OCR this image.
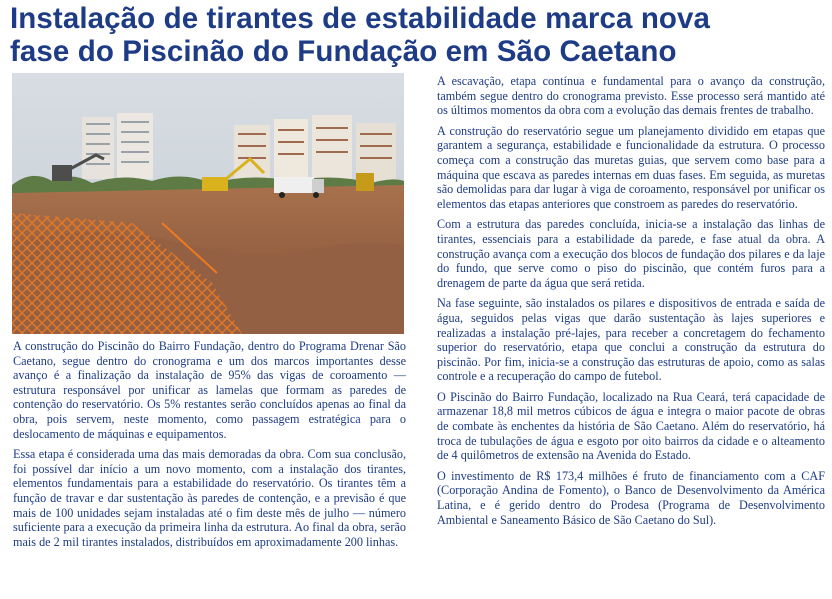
Instalação de tirantes de estabilidade marca nova
fase do Piscinão do Fundação em São Caetano

A construção do Piscinão do Bairro Fundação, dentro do Programa Drenar São Caetano, segue dentro do cronograma e um dos marcos importantes desse avanço é a finalização da instalação de 95% das vigas de coroamento — estrutura responsável por unificar as lamelas que formam as paredes de contenção do reservatório. Os 5% restantes serão concluídos apenas ao final da obra, pois servem, neste momento, como passagem estratégica para o deslocamento de máquinas e equipamentos.

Essa etapa é considerada uma das mais demoradas da obra. Com sua conclusão, foi possível dar início a um novo momento, com a instalação dos tirantes, elementos fundamentais para a estabilidade do reservatório. Os tirantes têm a função de travar e dar sustentação às paredes de contenção, e a previsão é que mais de 100 unidades sejam instaladas até o fim deste mês de julho — número suficiente para a execução da primeira linha da estrutura. Ao final da obra, serão mais de 2 mil tirantes instalados, distribuídos em aproximadamente 200 linhas.

A escavação, etapa contínua e fundamental para o avanço da construção, também segue dentro do cronograma previsto. Esse processo será mantido até os últimos momentos da obra com a evolução das demais frentes de trabalho.

A construção do reservatório segue um planejamento dividido em etapas que garantem a segurança, estabilidade e funcionalidade da estrutura. O processo começa com a construção das muretas guias, que servem como base para a máquina que escava as paredes internas em duas fases. Em seguida, as muretas são demolidas para dar lugar à viga de coroamento, responsável por unificar os elementos das etapas anteriores que constroem as paredes do reservatório.

Com a estrutura das paredes concluída, inicia-se a instalação das linhas de tirantes, essenciais para a estabilidade da parede, e fase atual da obra. A construção avança com a execução dos blocos de fundação dos pilares e da laje do fundo, que serve como o piso do piscinão, que contém furos para a drenagem de parte da água que será retida.

Na fase seguinte, são instalados os pilares e dispositivos de entrada e saída de água, seguidos pelas vigas que darão sustentação às lajes superiores e realizadas a instalação pré-lajes, para receber a concretagem do fechamento superior do reservatório, etapa que conclui a construção da estrutura do piscinão. Por fim, inicia-se a construção das estruturas de apoio, como as salas controle e a recuperação do campo de futebol.

O Piscinão do Bairro Fundação, localizado na Rua Ceará, terá capacidade de armazenar 18,8 mil metros cúbicos de água e integra o maior pacote de obras de combate às enchentes da história de São Caetano. Além do reservatório, há troca de tubulações de água e esgoto por oito bairros da cidade e o alteamento de 4 quilômetros de extensão na Avenida do Estado.

O investimento de R$ 173,4 milhões é fruto de financiamento com a CAF (Corporação Andina de Fomento), o Banco de Desenvolvimento da América Latina, e é gerido dentro do Prodesa (Programa de Desenvolvimento Ambiental e Saneamento Básico de São Caetano do Sul).
